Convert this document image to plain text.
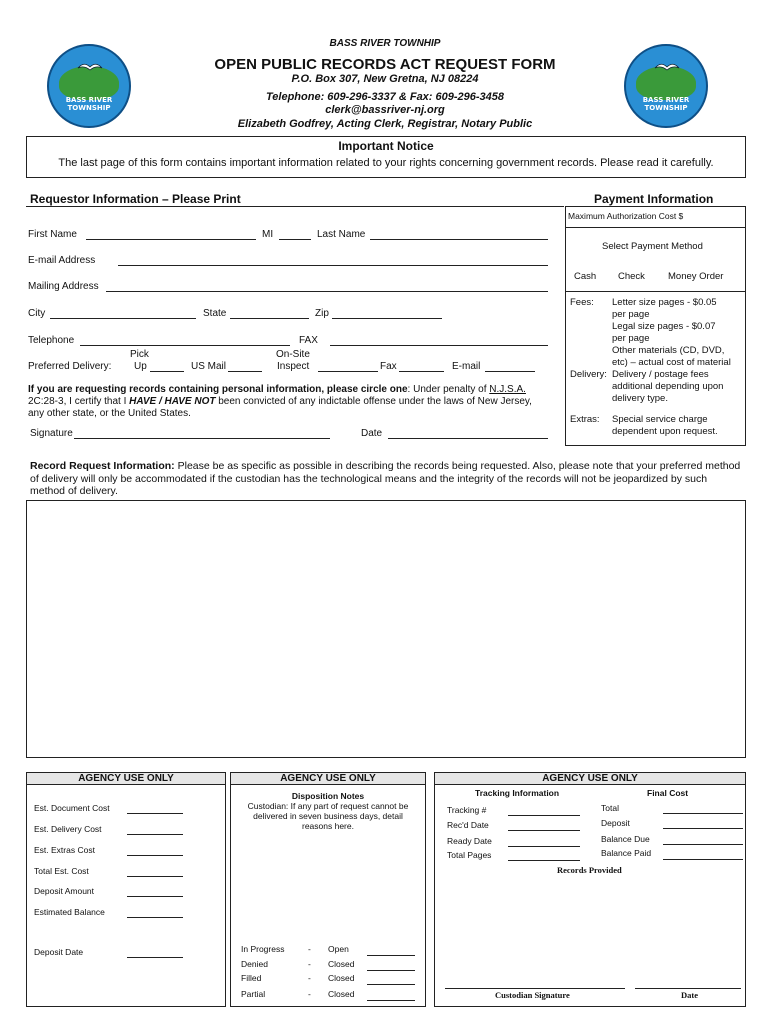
BASS RIVER
TOWNSHIP
BASS RIVER
TOWNSHIP
BASS RIVER TOWNHIP
OPEN PUBLIC RECORDS ACT REQUEST FORM
P.O. Box 307, New Gretna, NJ 08224
Telephone: 609-296-3337 & Fax: 609-296-3458
clerk@bassriver-nj.org
Elizabeth Godfrey, Acting Clerk, Registrar, Notary Public
Important Notice
The last page of this form contains important information related to your rights concerning government records. Please read it carefully.
Requestor Information – Please Print
First Name	MI	Last Name
E-mail Address
Mailing Address
City	State	Zip
Telephone	FAX
Preferred Delivery:
Pick
Up	US Mail
On-Site
Inspect	Fax	E-mail
If you are requesting records containing personal information, please circle one: Under penalty of N.J.S.A.
2C:28-3, I certify that I HAVE / HAVE NOT been convicted of any indictable offense under the laws of New Jersey, any other state, or the United States.
Signature	Date
Payment Information
Maximum Authorization Cost $
Select Payment Method
Cash Check Money Order
Fees: Letter size pages - $0.05
per page
Legal size pages - $0.07
per page
Other materials (CD, DVD,
etc) – actual cost of material
Delivery: Delivery / postage fees
additional depending upon
delivery type.
Extras: Special service charge
dependent upon request.
Record Request Information: Please be as specific as possible in describing the records being requested. Also, please note that your preferred method of delivery will only be accommodated if the custodian has the technological means and the integrity of the records will not be jeopardized by such method of delivery.
AGENCY USE ONLY
Est. Document Cost
Est. Delivery Cost
Est. Extras Cost
Total Est. Cost
Deposit Amount
Estimated Balance
Deposit Date
AGENCY USE ONLY
Disposition Notes
Custodian: If any part of request cannot be delivered in seven business days, detail reasons here.
In Progress	- Open
Denied	- Closed
Filled	- Closed
Partial	- Closed
AGENCY USE ONLY
Tracking Information	Final Cost
Tracking #
Rec'd Date
Ready Date
Total Pages
Total
Deposit
Balance Due
Balance Paid
Records Provided
Custodian Signature	Date
